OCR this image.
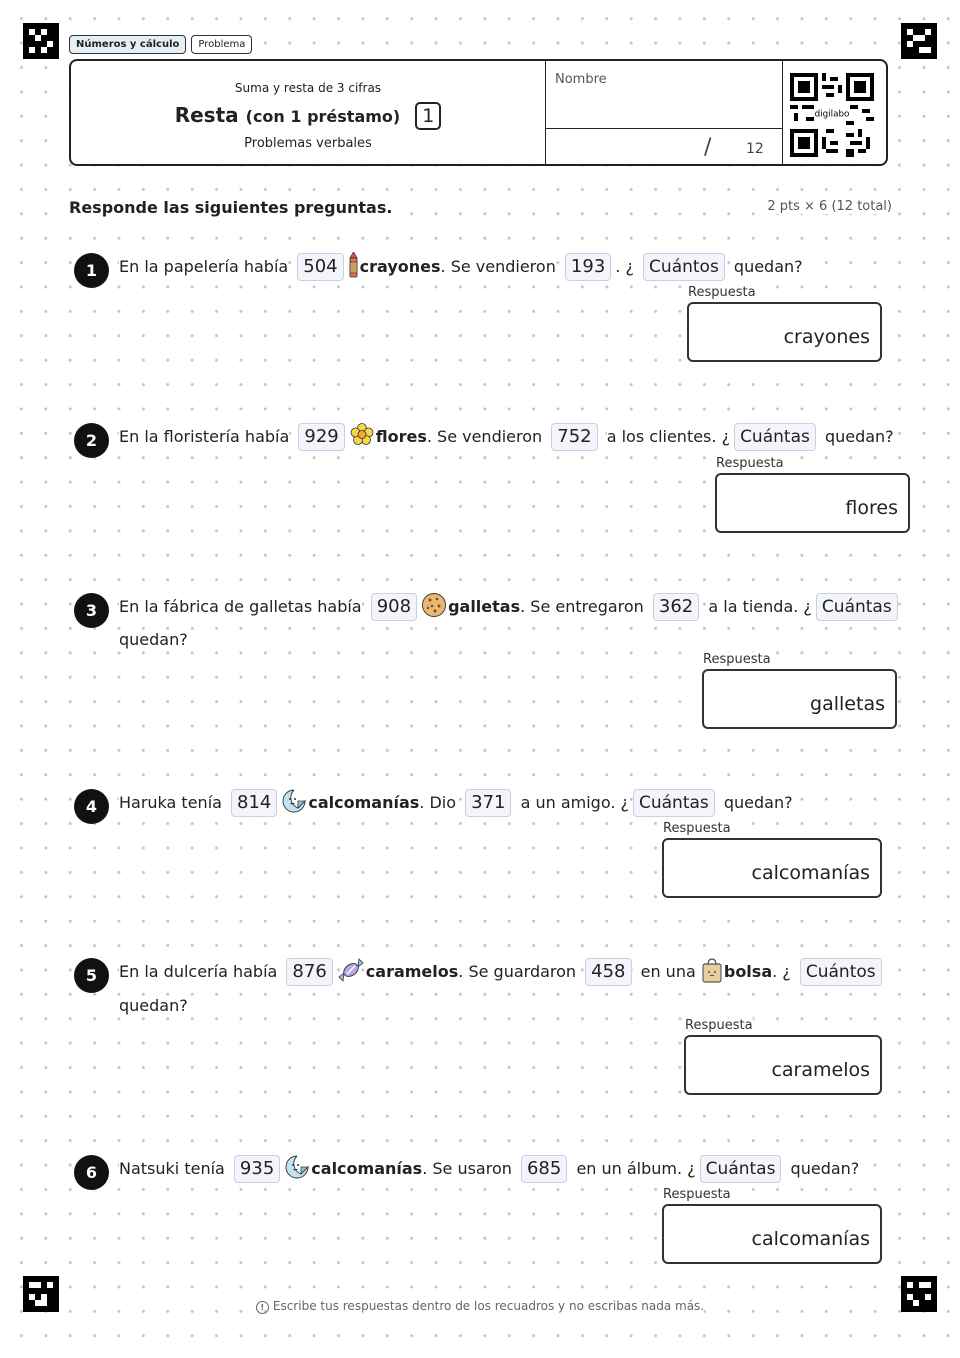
Números y cálculo	Problema
Suma y resta de 3 cifras
Resta (con 1 préstamo) 1
Problemas verbales
Nombre
/ 12
digilabo
Responde las siguientes preguntas.	2 pts × 6 (12 total)
1	En la papelería había 504 crayones. Se vendieron 193 . ¿ Cuántos quedan?
Respuesta
crayones
2	En la floristería había 929 flores. Se vendieron 752 a los clientes. ¿ Cuántas quedan?
Respuesta
flores
3	En la fábrica de galletas había 908 galletas. Se entregaron 362 a la tienda. ¿ Cuántas
quedan?
Respuesta
galletas
4	Haruka tenía 814 calcomanías. Dio 371 a un amigo. ¿ Cuántas quedan?
Respuesta
calcomanías
5	En la dulcería había 876 caramelos. Se guardaron 458 en una bolsa. ¿ Cuántos
quedan?
Respuesta
caramelos
6	Natsuki tenía 935 calcomanías. Se usaron 685 en un álbum. ¿ Cuántas quedan?
Respuesta
calcomanías
! Escribe tus respuestas dentro de los recuadros y no escribas nada más.
